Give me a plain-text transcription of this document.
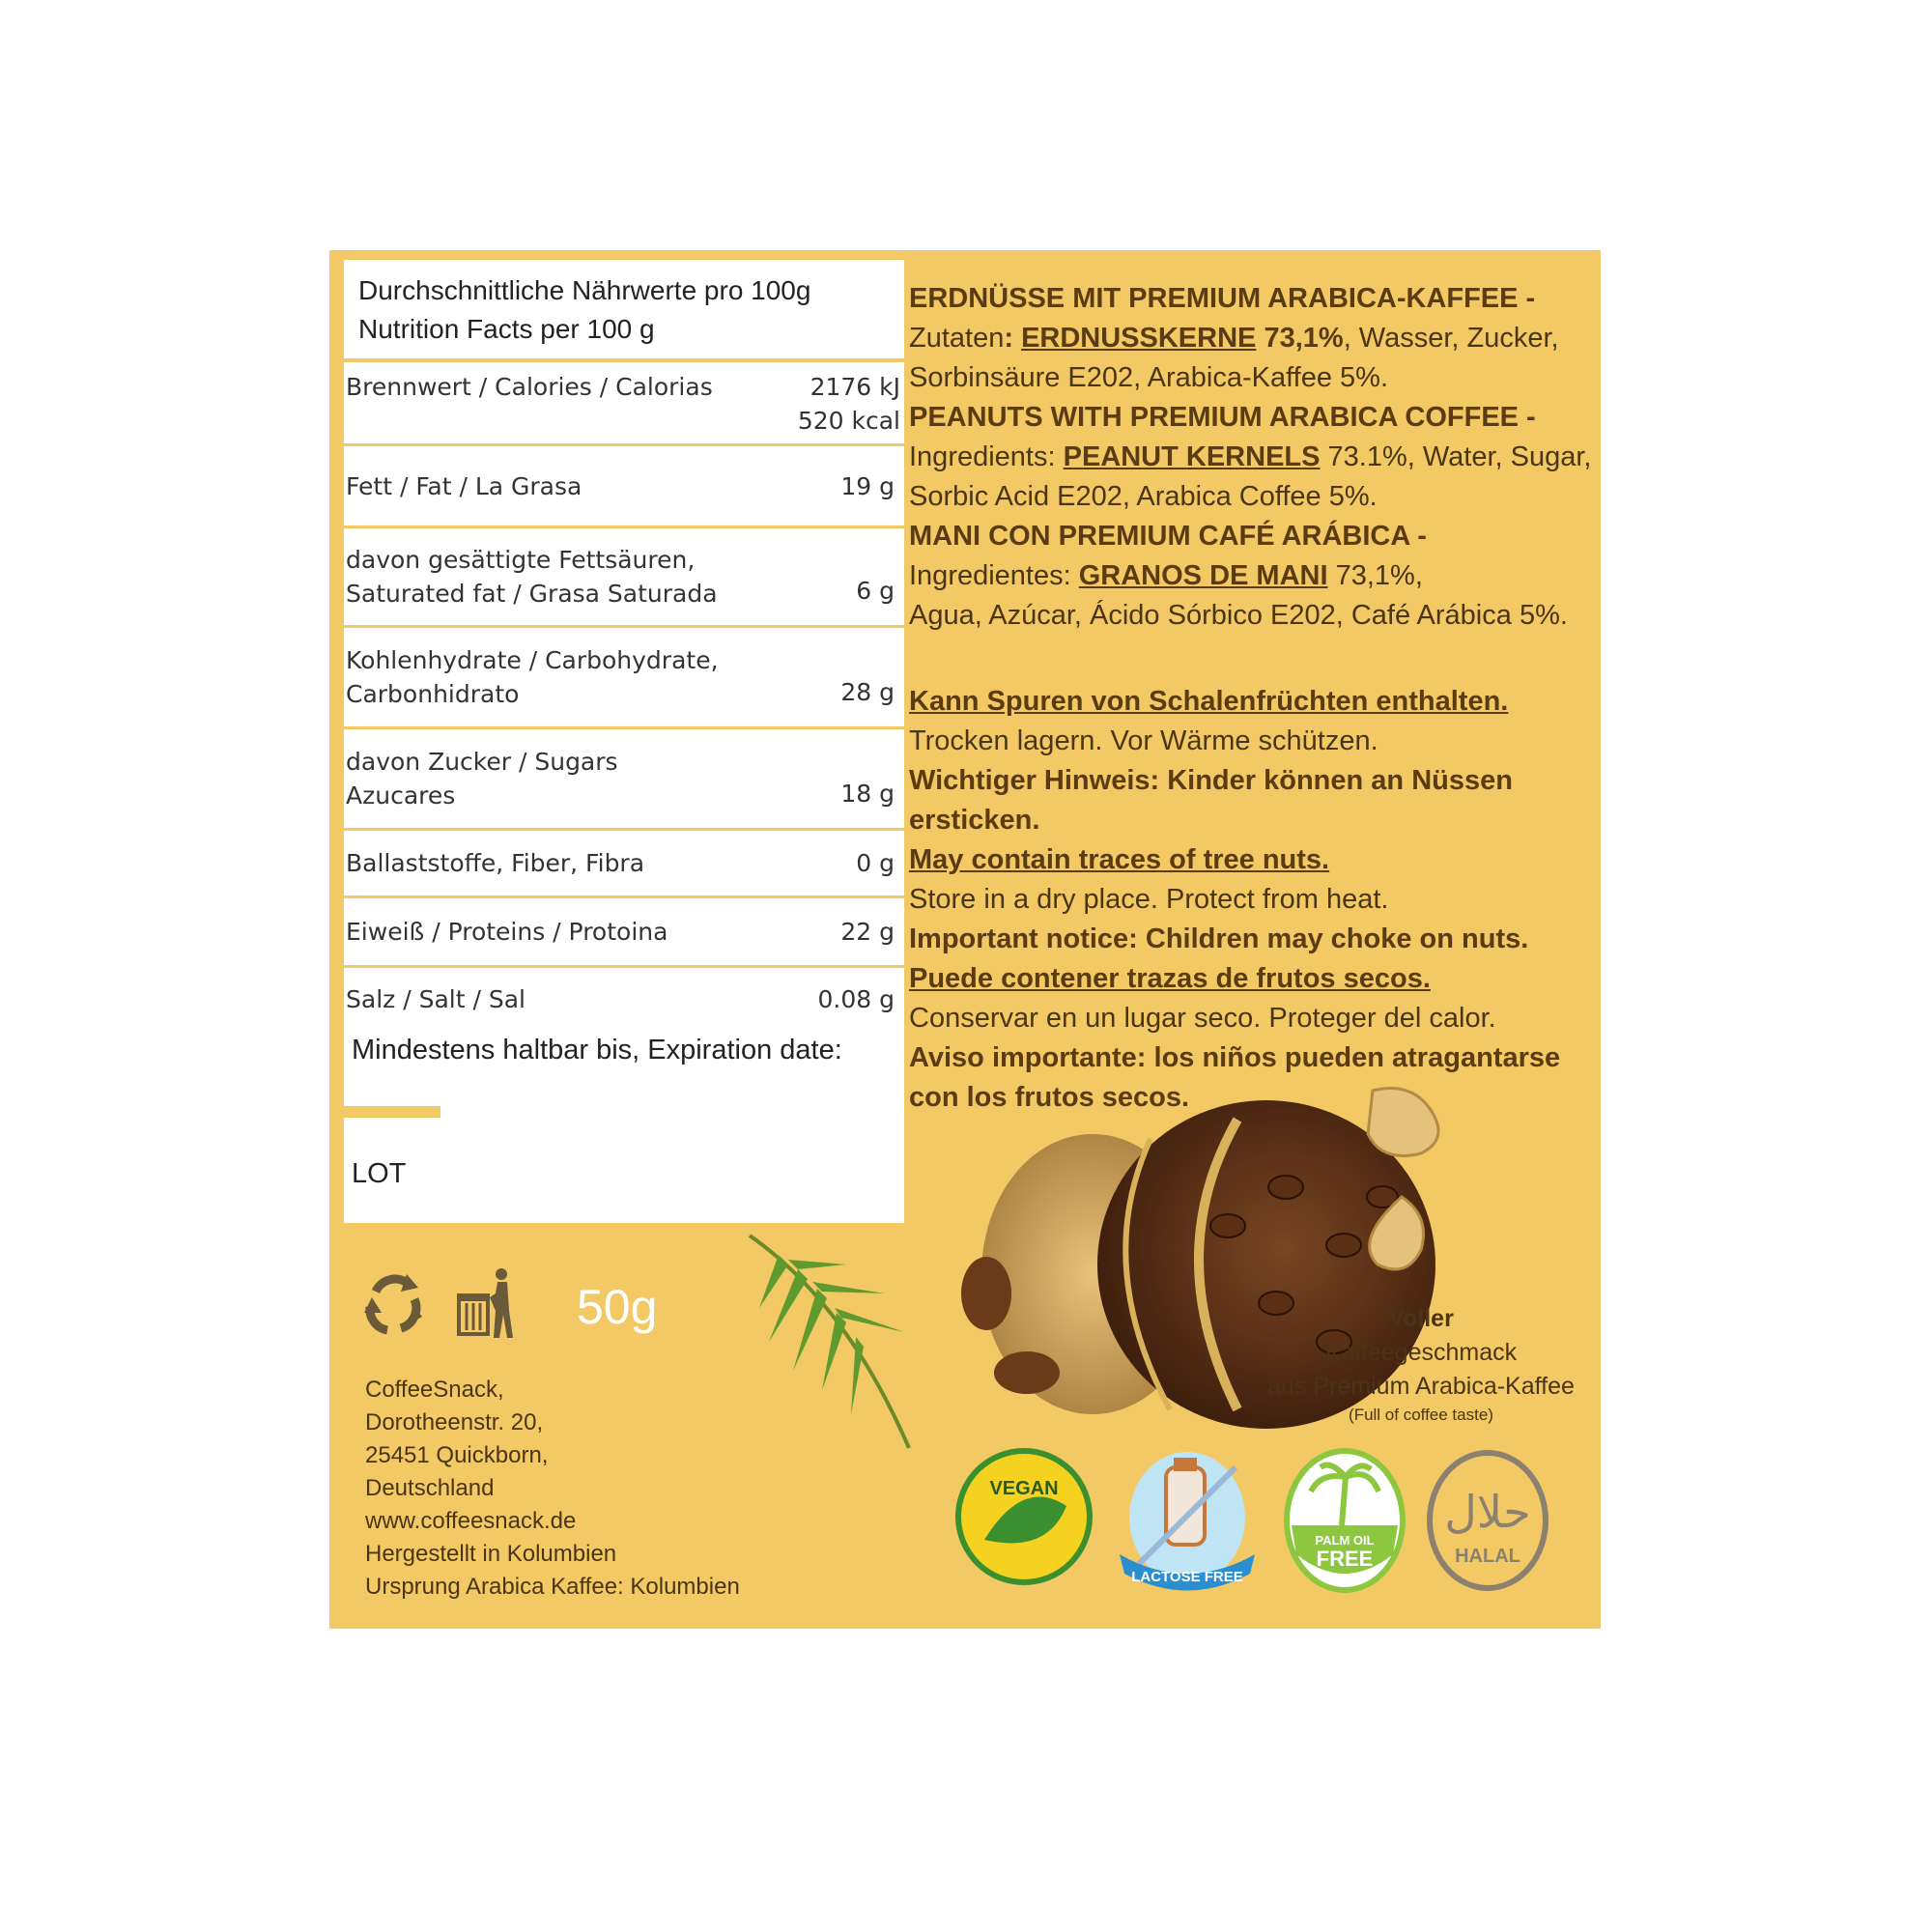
Durchschnittliche Nährwerte pro 100g
Nutrition Facts per 100 g
Brennwert / Calories / Calorias	2176 kJ
520 kcal
Fett / Fat / La Grasa	19 g
davon gesättigte Fettsäuren,
Saturated fat / Grasa Saturada	6 g
Kohlenhydrate / Carbohydrate,
Carbonhidrato	28 g
davon Zucker / Sugars
Azucares	18 g
Ballaststoffe, Fiber, Fibra	0 g
Eiweiß / Proteins / Protoina	22 g
Salz / Salt / Sal	0.08 g
Mindestens haltbar bis, Expiration date:
LOT

ERDNÜSSE MIT PREMIUM ARABICA-KAFFEE -

Zutaten: ERDNUSSKERNE 73,1%, Wasser, Zucker, Sorbinsäure E202, Arabica-Kaffee 5%.

PEANUTS WITH PREMIUM ARABICA COFFEE -

Ingredients: PEANUT KERNELS 73.1%, Water, Sugar, Sorbic Acid E202, Arabica Coffee 5%.

MANI CON PREMIUM CAFÉ ARÁBICA -

Ingredientes: GRANOS DE MANI 73,1%,

Agua, Azúcar, Ácido Sórbico E202, Café Arábica 5%.

Kann Spuren von Schalenfrüchten enthalten.

Trocken lagern. Vor Wärme schützen.

Wichtiger Hinweis: Kinder können an Nüssen ersticken.

May contain traces of tree nuts.

Store in a dry place. Protect from heat.

Important notice: Children may choke on nuts.

Puede contener trazas de frutos secos.

Conservar en un lugar seco. Proteger del calor.

Aviso importante: los niños pueden atragantarse con los frutos secos.

50g

CoffeeSnack,

Dorotheenstr. 20,

25451 Quickborn,

Deutschland

www.coffeesnack.de

Hergestellt in Kolumbien

Ursprung Arabica Kaffee: Kolumbien

Voller
Kaffeegeschmack
aus Premium Arabica-Kaffee
(Full of coffee taste)
VEGAN
LACTOSE FREE
PALM OIL
FREE
حلال
HALAL
